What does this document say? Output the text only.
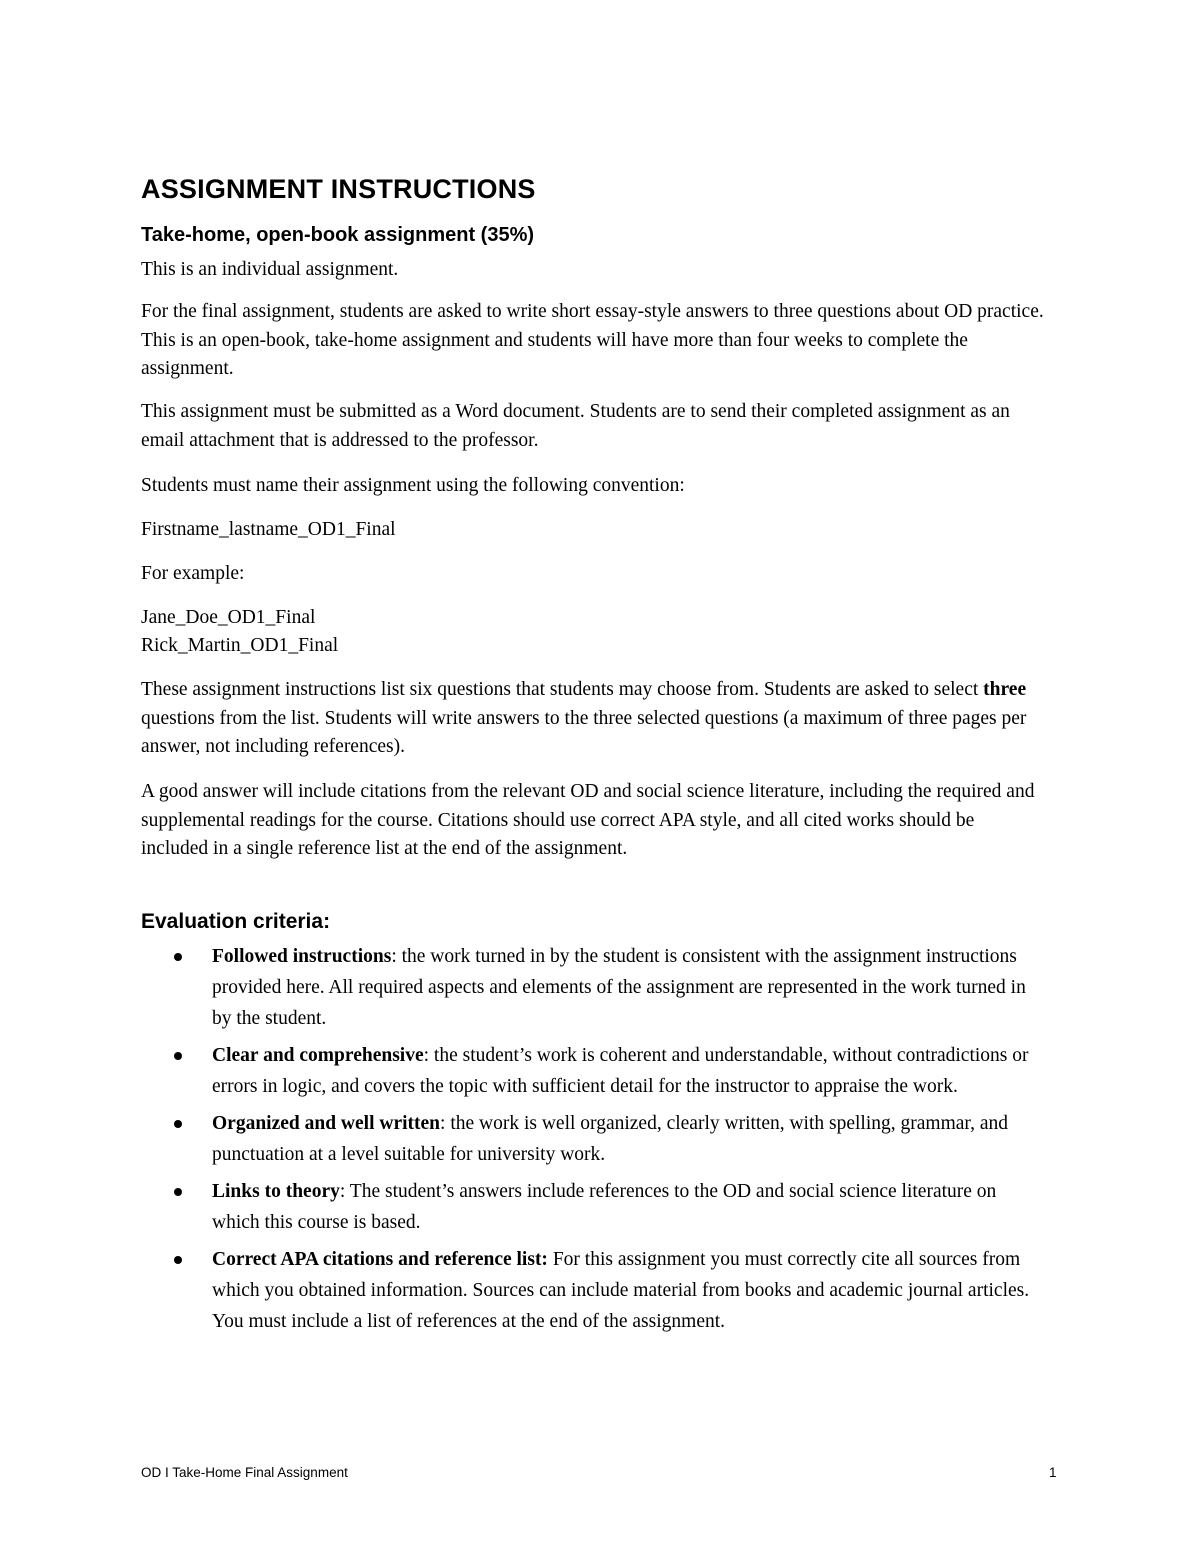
ASSIGNMENT INSTRUCTIONS
Take-home, open-book assignment (35%)

This is an individual assignment.

For the final assignment, students are asked to write short essay-style answers to three questions about OD practice. This is an open-book, take-home assignment and students will have more than four weeks to complete the assignment.

This assignment must be submitted as a Word document. Students are to send their completed assignment as an email attachment that is addressed to the professor.

Students must name their assignment using the following convention:

Firstname_lastname_OD1_Final

For example:

Jane_Doe_OD1_Final

Rick_Martin_OD1_Final

These assignment instructions list six questions that students may choose from. Students are asked to select three questions from the list. Students will write answers to the three selected questions (a maximum of three pages per answer, not including references).

A good answer will include citations from the relevant OD and social science literature, including the required and supplemental readings for the course. Citations should use correct APA style, and all cited works should be included in a single reference list at the end of the assignment.

Evaluation criteria:
Followed instructions: the work turned in by the student is consistent with the assignment instructions provided here. All required aspects and elements of the assignment are represented in the work turned in by the student.
Clear and comprehensive: the student’s work is coherent and understandable, without contradictions or errors in logic, and covers the topic with sufficient detail for the instructor to appraise the work.
Organized and well written: the work is well organized, clearly written, with spelling, grammar, and punctuation at a level suitable for university work.
Links to theory: The student’s answers include references to the OD and social science literature on which this course is based.
Correct APA citations and reference list: For this assignment you must correctly cite all sources from which you obtained information. Sources can include material from books and academic journal articles. You must include a list of references at the end of the assignment.

OD I Take-Home Final Assignment	1
